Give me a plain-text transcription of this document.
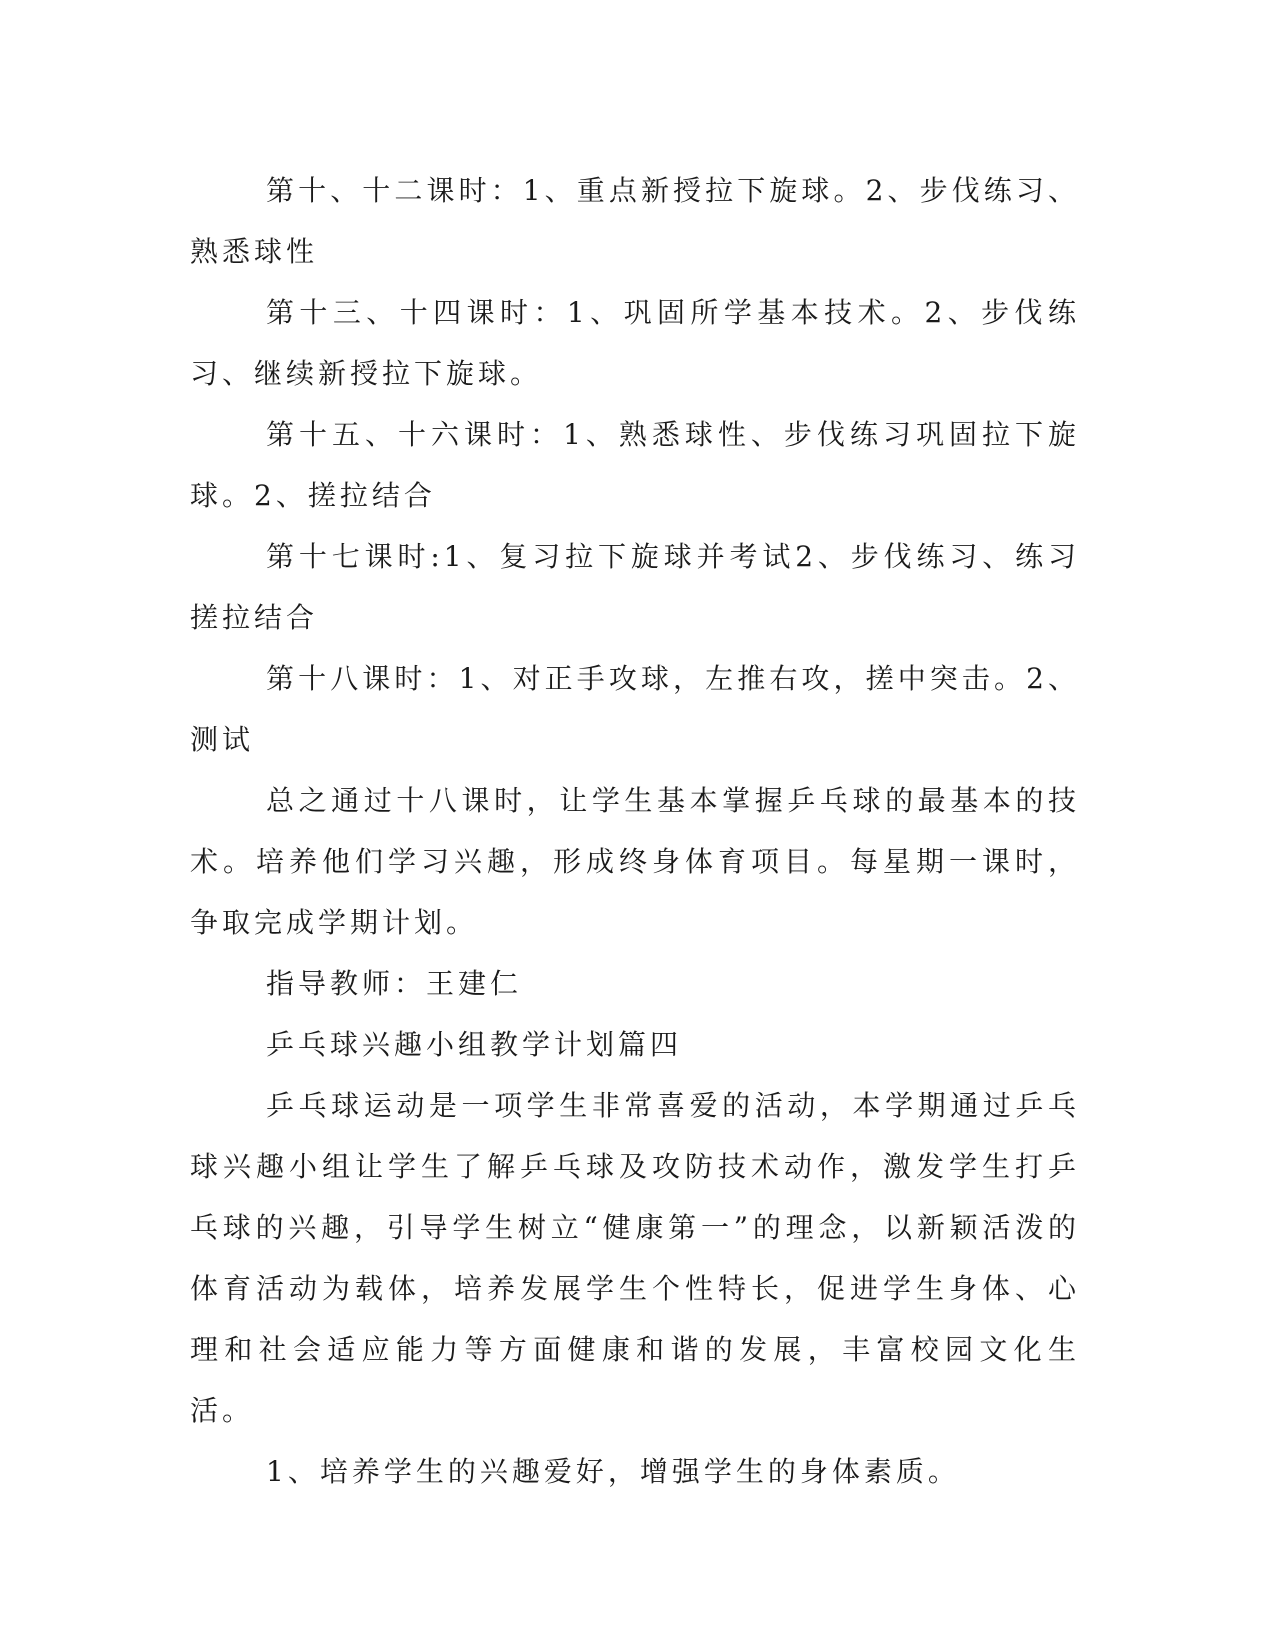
第十、十二课时：1、重点新授拉下旋球。2、步伐练习、熟悉球性

第十三、十四课时：1、巩固所学基本技术。2、步伐练习、继续新授拉下旋球。

第十五、十六课时：1、熟悉球性、步伐练习巩固拉下旋球。2、搓拉结合

第十七课时:1、复习拉下旋球并考试2、步伐练习、练习搓拉结合

第十八课时：1、对正手攻球，左推右攻，搓中突击。2、测试

总之通过十八课时，让学生基本掌握乒乓球的最基本的技术。培养他们学习兴趣，形成终身体育项目。每星期一课时，争取完成学期计划。

指导教师：王建仁

乒乓球兴趣小组教学计划篇四

乒乓球运动是一项学生非常喜爱的活动，本学期通过乒乓球兴趣小组让学生了解乒乓球及攻防技术动作，激发学生打乒乓球的兴趣，引导学生树立“健康第一”的理念，以新颖活泼的体育活动为载体，培养发展学生个性特长，促进学生身体、心理和社会适应能力等方面健康和谐的发展，丰富校园文化生活。

1、培养学生的兴趣爱好，增强学生的身体素质。
